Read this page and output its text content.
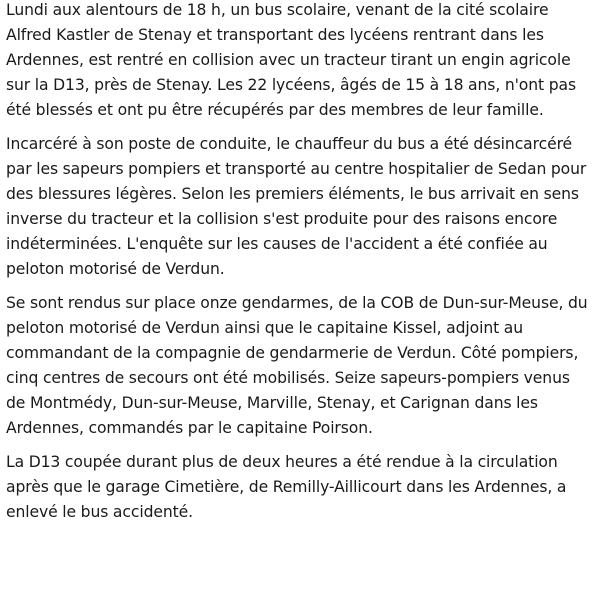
Lundi aux alentours de 18 h, un bus scolaire, venant de la cité scolaire Alfred Kastler de Stenay et transportant des lycéens rentrant dans les Ardennes, est rentré en collision avec un tracteur tirant un engin agricole sur la D13, près de Stenay. Les 22 lycéens, âgés de 15 à 18 ans, n'ont pas été blessés et ont pu être récupérés par des membres de leur famille.

Incarcéré à son poste de conduite, le chauffeur du bus a été désincarcéré par les sapeurs pompiers et transporté au centre hospitalier de Sedan pour des blessures légères. Selon les premiers éléments, le bus arrivait en sens inverse du tracteur et la collision s'est produite pour des raisons encore indéterminées. L'enquête sur les causes de l'accident a été confiée au peloton motorisé de Verdun.

Se sont rendus sur place onze gendarmes, de la COB de Dun-sur-Meuse, du peloton motorisé de Verdun ainsi que le capitaine Kissel, adjoint au commandant de la compagnie de gendarmerie de Verdun. Côté pompiers, cinq centres de secours ont été mobilisés. Seize sapeurs-pompiers venus de Montmédy, Dun-sur-Meuse, Marville, Stenay, et Carignan dans les Ardennes, commandés par le capitaine Poirson.

La D13 coupée durant plus de deux heures a été rendue à la circulation après que le garage Cimetière, de Remilly-Aillicourt dans les Ardennes, a enlevé le bus accidenté.
